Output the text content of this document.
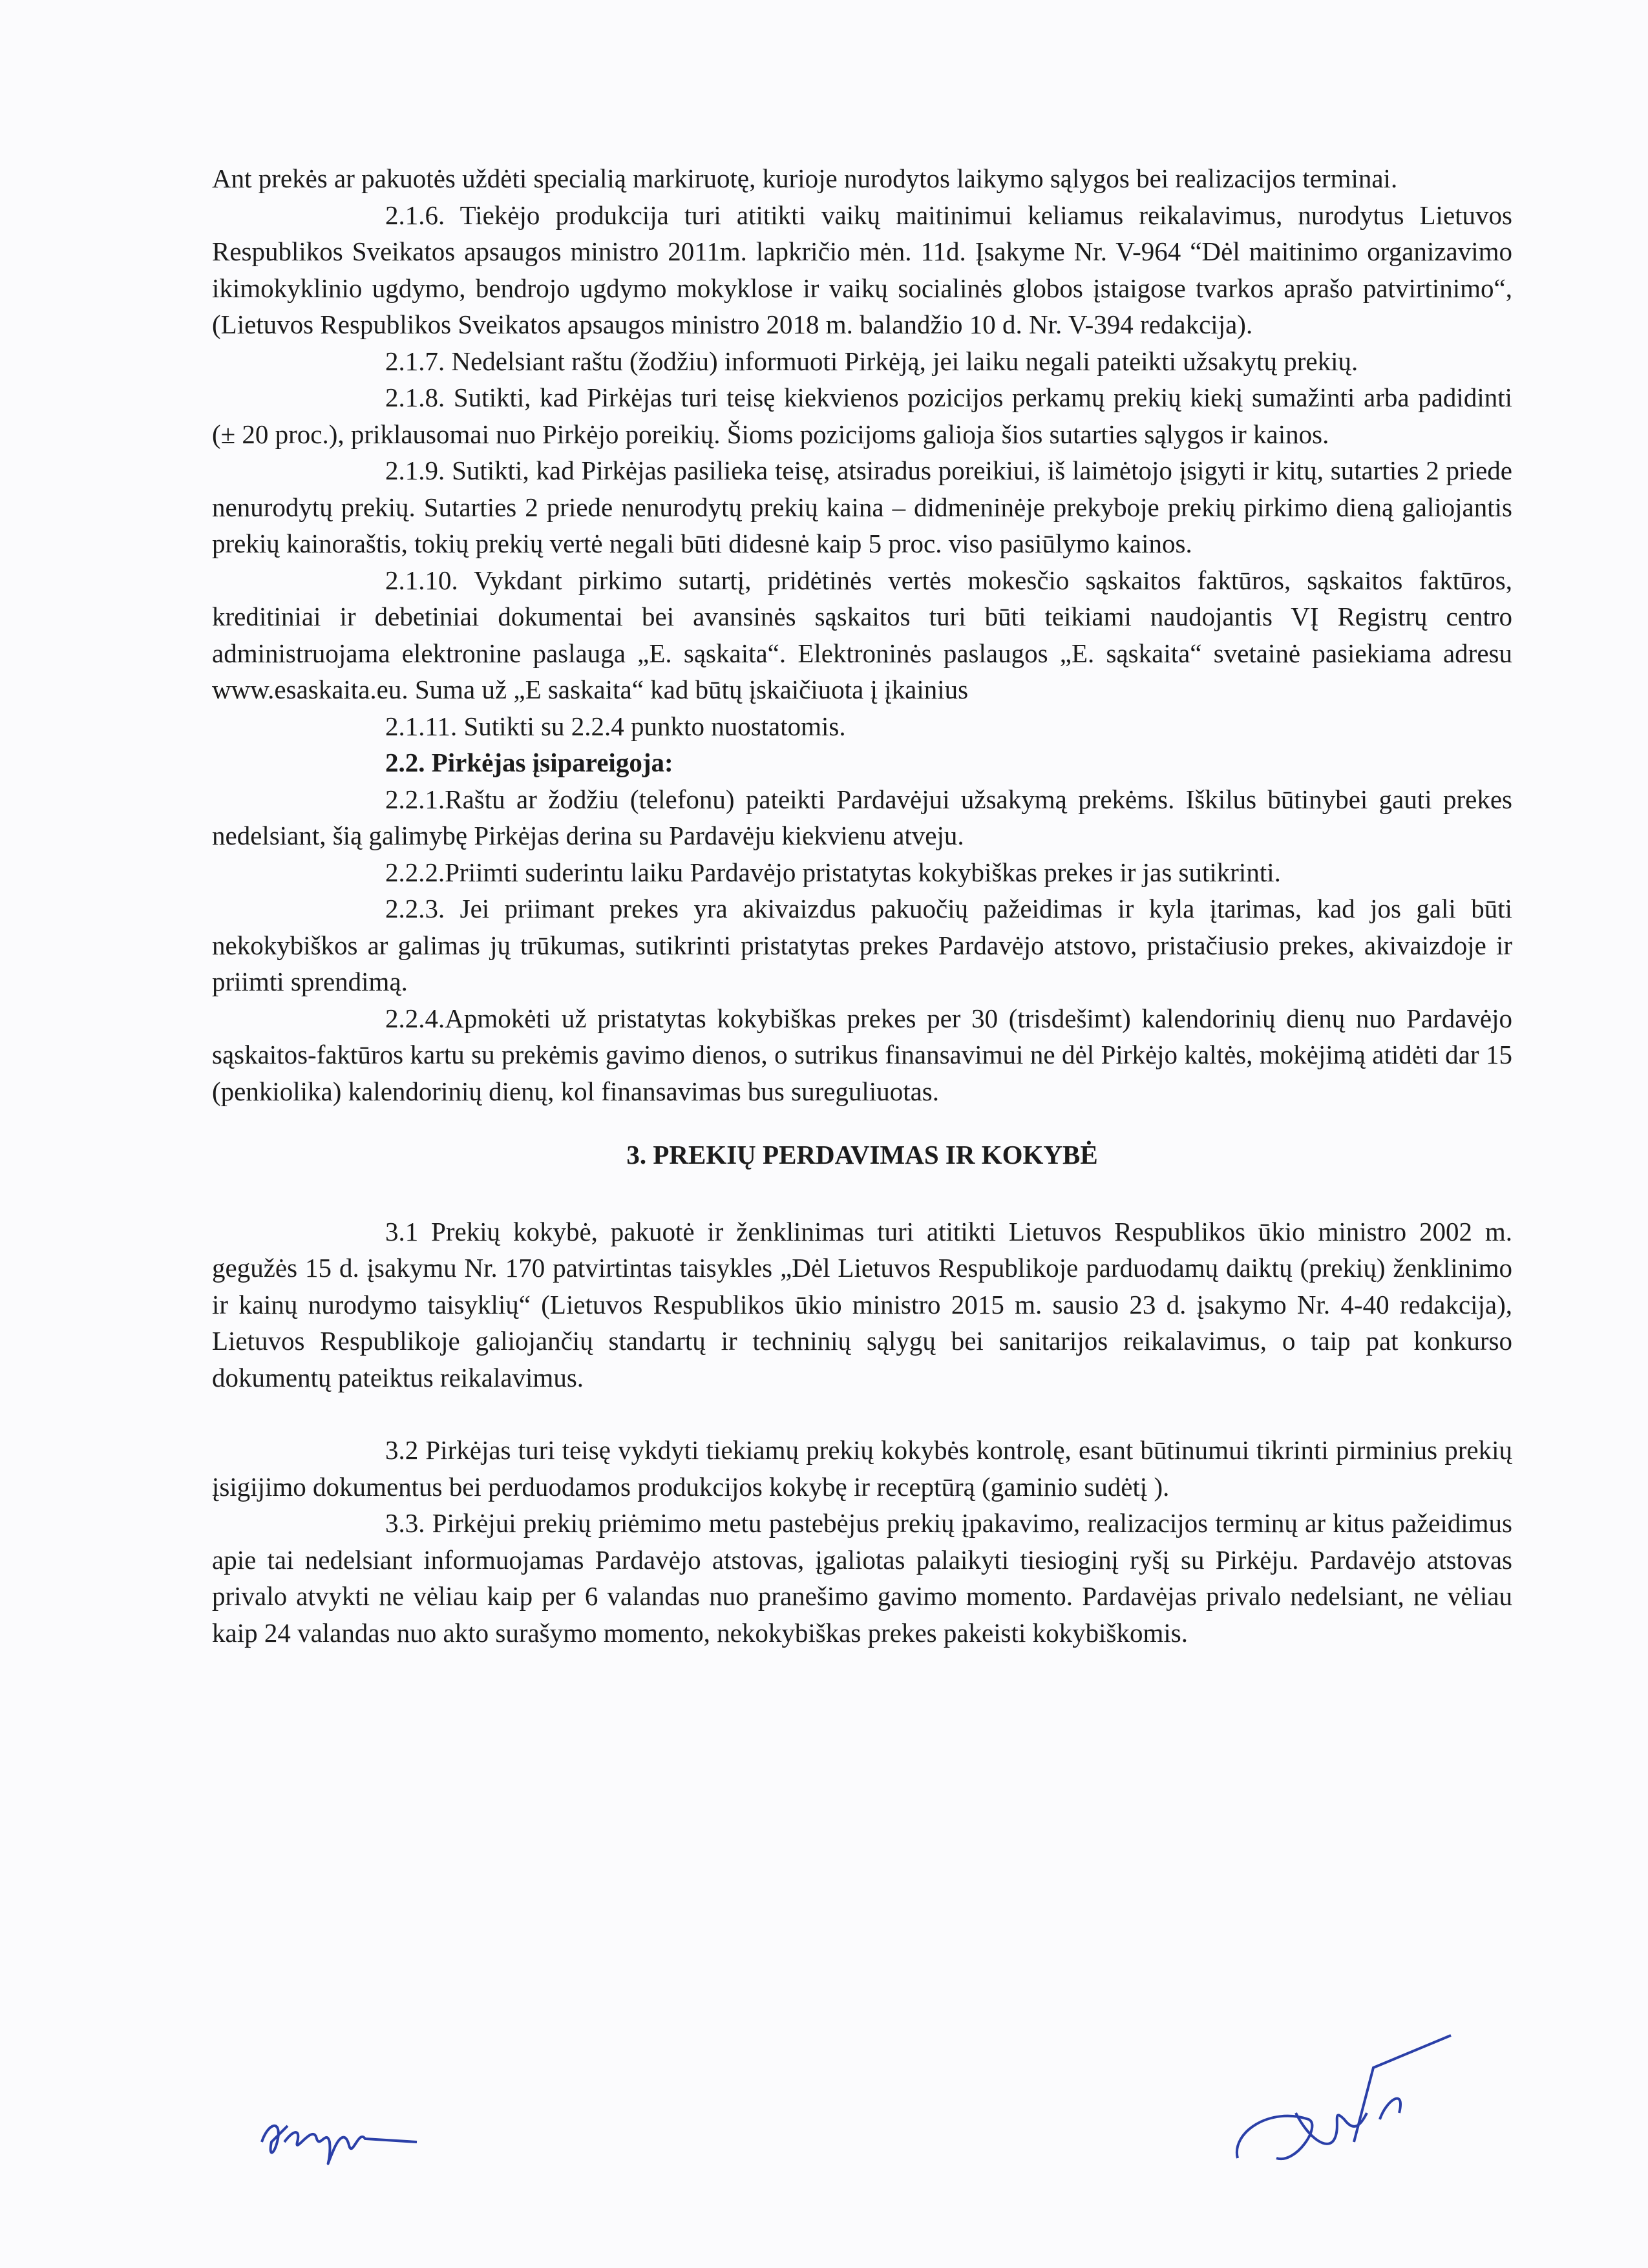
Ant prekės ar pakuotės uždėti specialią markiruotę, kurioje nurodytos laikymo sąlygos bei realizacijos terminai.

2.1.6. Tiekėjo produkcija turi atitikti vaikų maitinimui keliamus reikalavimus, nurodytus Lietuvos Respublikos Sveikatos apsaugos ministro 2011m. lapkričio mėn. 11d. Įsakyme Nr. V-964 “Dėl maitinimo organizavimo ikimokyklinio ugdymo, bendrojo ugdymo mokyklose ir vaikų socialinės globos įstaigose tvarkos aprašo patvirtinimo“, (Lietuvos Respublikos Sveikatos apsaugos ministro 2018 m. balandžio 10 d. Nr. V-394 redakcija).

2.1.7. Nedelsiant raštu (žodžiu) informuoti Pirkėją, jei laiku negali pateikti užsakytų prekių.

2.1.8. Sutikti, kad Pirkėjas turi teisę kiekvienos pozicijos perkamų prekių kiekį sumažinti arba padidinti (± 20 proc.), priklausomai nuo Pirkėjo poreikių. Šioms pozicijoms galioja šios sutarties sąlygos ir kainos.

2.1.9. Sutikti, kad Pirkėjas pasilieka teisę, atsiradus poreikiui, iš laimėtojo įsigyti ir kitų, sutarties 2 priede nenurodytų prekių. Sutarties 2 priede nenurodytų prekių kaina – didmeninėje prekyboje prekių pirkimo dieną galiojantis prekių kainoraštis, tokių prekių vertė negali būti didesnė kaip 5 proc. viso pasiūlymo kainos.

2.1.10. Vykdant pirkimo sutartį, pridėtinės vertės mokesčio sąskaitos faktūros, sąskaitos faktūros, kreditiniai ir debetiniai dokumentai bei avansinės sąskaitos turi būti teikiami naudojantis VĮ Registrų centro administruojama elektronine paslauga „E. sąskaita“. Elektroninės paslaugos „E. sąskaita“ svetainė pasiekiama adresu www.esaskaita.eu. Suma už „E saskaita“ kad būtų įskaičiuota į įkainius

2.1.11. Sutikti su 2.2.4 punkto nuostatomis.

2.2. Pirkėjas įsipareigoja:

2.2.1.Raštu ar žodžiu (telefonu) pateikti Pardavėjui užsakymą prekėms. Iškilus būtinybei gauti prekes nedelsiant, šią galimybę Pirkėjas derina su Pardavėju kiekvienu atveju.

2.2.2.Priimti suderintu laiku Pardavėjo pristatytas kokybiškas prekes ir jas sutikrinti.

2.2.3. Jei priimant prekes yra akivaizdus pakuočių pažeidimas ir kyla įtarimas, kad jos gali būti nekokybiškos ar galimas jų trūkumas, sutikrinti pristatytas prekes Pardavėjo atstovo, pristačiusio prekes, akivaizdoje ir priimti sprendimą.

2.2.4.Apmokėti už pristatytas kokybiškas prekes per 30 (trisdešimt) kalendorinių dienų nuo Pardavėjo sąskaitos-faktūros kartu su prekėmis gavimo dienos, o sutrikus finansavimui ne dėl Pirkėjo kaltės, mokėjimą atidėti dar 15 (penkiolika) kalendorinių dienų, kol finansavimas bus sureguliuotas.

3. PREKIŲ PERDAVIMAS IR KOKYBĖ

3.1 Prekių kokybė, pakuotė ir ženklinimas turi atitikti Lietuvos Respublikos ūkio ministro 2002 m. gegužės 15 d. įsakymu Nr. 170 patvirtintas taisykles „Dėl Lietuvos Respublikoje parduodamų daiktų (prekių) ženklinimo ir kainų nurodymo taisyklių“ (Lietuvos Respublikos ūkio ministro 2015 m. sausio 23 d. įsakymo Nr. 4-40 redakcija), Lietuvos Respublikoje galiojančių standartų ir techninių sąlygų bei sanitarijos reikalavimus, o taip pat konkurso dokumentų pateiktus reikalavimus.

3.2 Pirkėjas turi teisę vykdyti tiekiamų prekių kokybės kontrolę, esant būtinumui tikrinti pirminius prekių įsigijimo dokumentus bei perduodamos produkcijos kokybę ir receptūrą (gaminio sudėtį ).

3.3. Pirkėjui prekių priėmimo metu pastebėjus prekių įpakavimo, realizacijos terminų ar kitus pažeidimus apie tai nedelsiant informuojamas Pardavėjo atstovas, įgaliotas palaikyti tiesioginį ryšį su Pirkėju. Pardavėjo atstovas privalo atvykti ne vėliau kaip per 6 valandas nuo pranešimo gavimo momento. Pardavėjas privalo nedelsiant, ne vėliau kaip 24 valandas nuo akto surašymo momento, nekokybiškas prekes pakeisti kokybiškomis.
